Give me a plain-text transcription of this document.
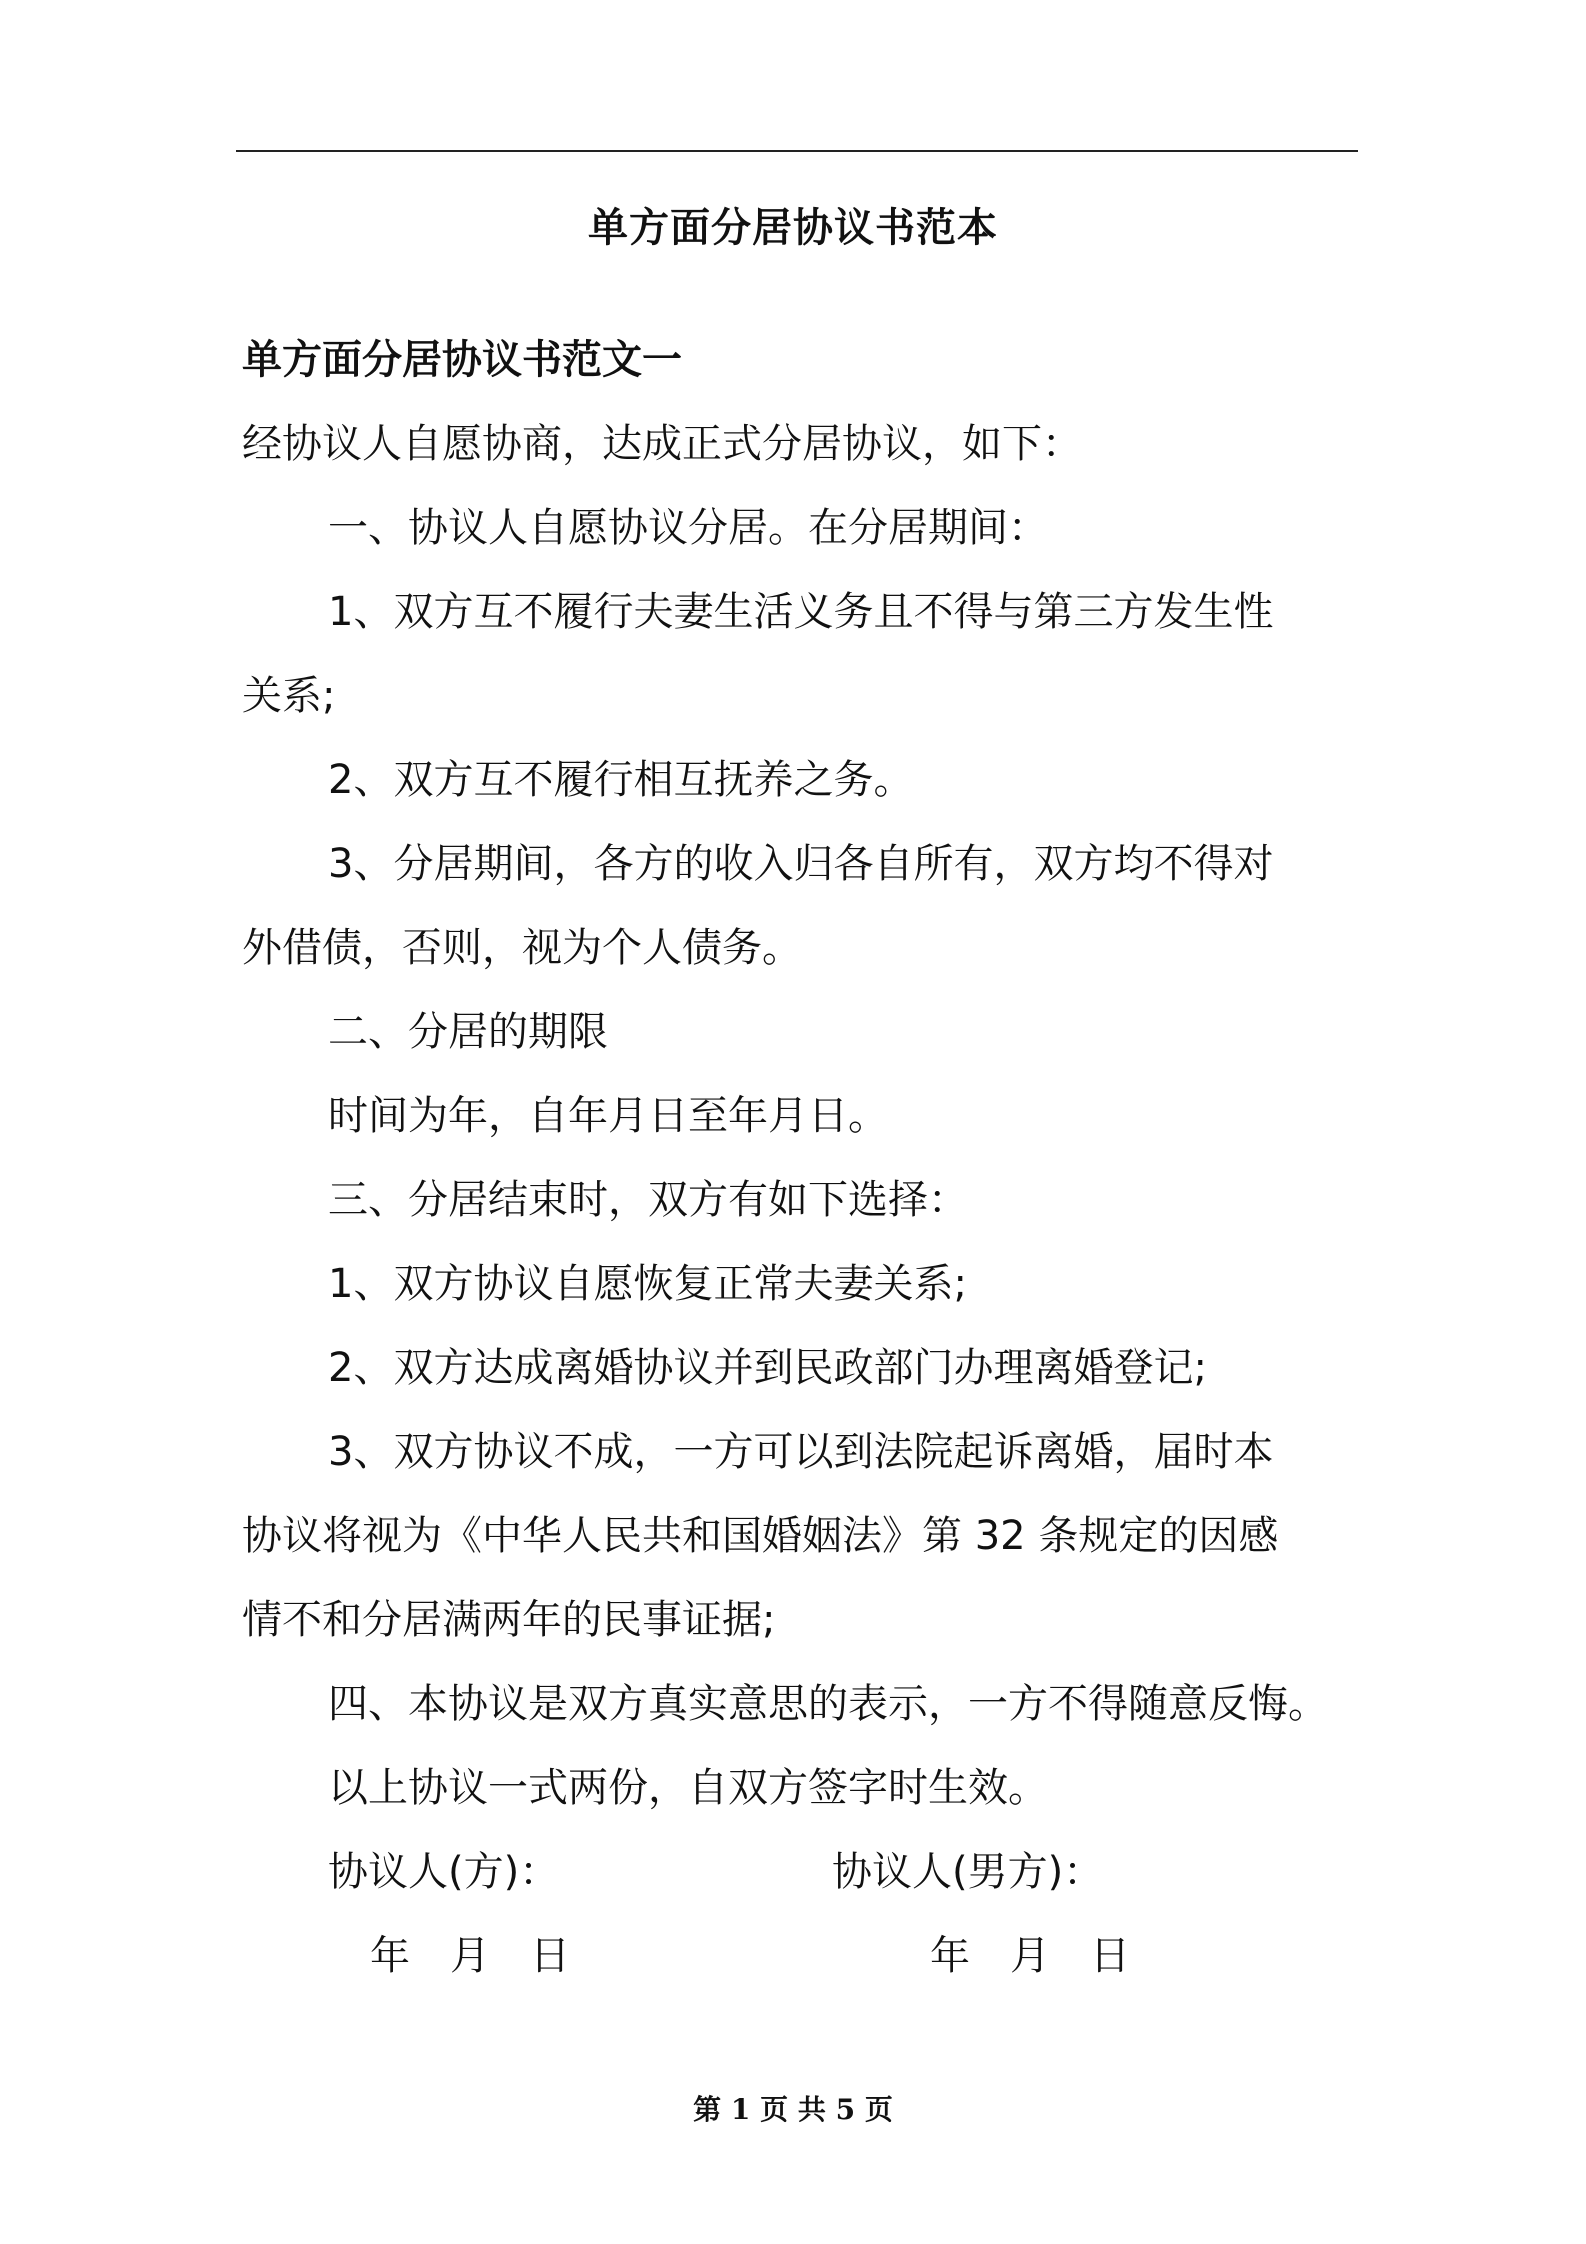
单方面分居协议书范本
单方面分居协议书范文一
经协议人自愿协商，达成正式分居协议，如下：
一、协议人自愿协议分居。在分居期间：
1、双方互不履行夫妻生活义务且不得与第三方发生性
关系;
2、双方互不履行相互抚养之务。
3、分居期间，各方的收入归各自所有，双方均不得对
外借债，否则，视为个人债务。
二、分居的期限
时间为年，自年月日至年月日。
三、分居结束时，双方有如下选择：
1、双方协议自愿恢复正常夫妻关系;
2、双方达成离婚协议并到民政部门办理离婚登记;
3、双方协议不成，一方可以到法院起诉离婚，届时本
协议将视为《中华人民共和国婚姻法》第 32 条规定的因感
情不和分居满两年的民事证据;
四、本协议是双方真实意思的表示，一方不得随意反悔。
以上协议一式两份，自双方签字时生效。
协议人(方)：	协议人(男方)：
年 月 日	年 月 日
第 1 页 共 5 页
